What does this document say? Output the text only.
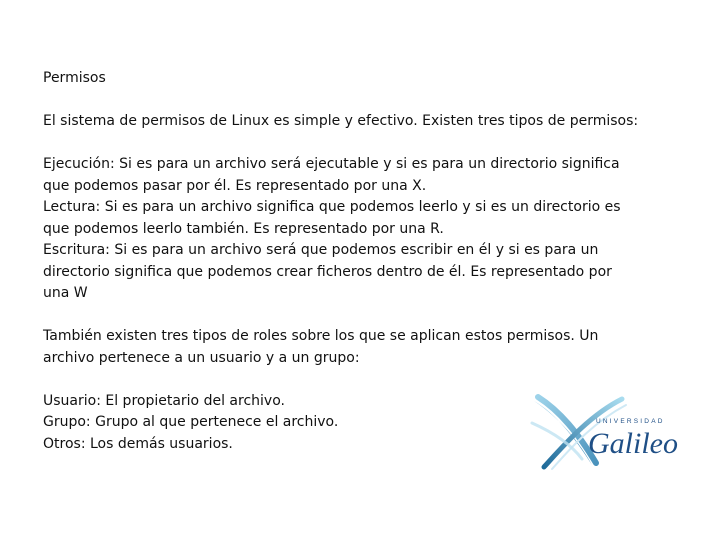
Permisos
El sistema de permisos de Linux es simple y efectivo. Existen tres tipos de permisos:
Ejecución: Si es para un archivo será ejecutable y si es para un directorio significa
que podemos pasar por él. Es representado por una X.
Lectura: Si es para un archivo significa que podemos leerlo y si es un directorio es
que podemos leerlo también. Es representado por una R.
Escritura: Si es para un archivo será que podemos escribir en él y si es para un
directorio significa que podemos crear ficheros dentro de él. Es representado por
una W
También existen tres tipos de roles sobre los que se aplican estos permisos. Un
archivo pertenece a un usuario y a un grupo:
Usuario: El propietario del archivo.
Grupo: Grupo al que pertenece el archivo.
Otros: Los demás usuarios.
UNIVERSIDAD
Galileo
